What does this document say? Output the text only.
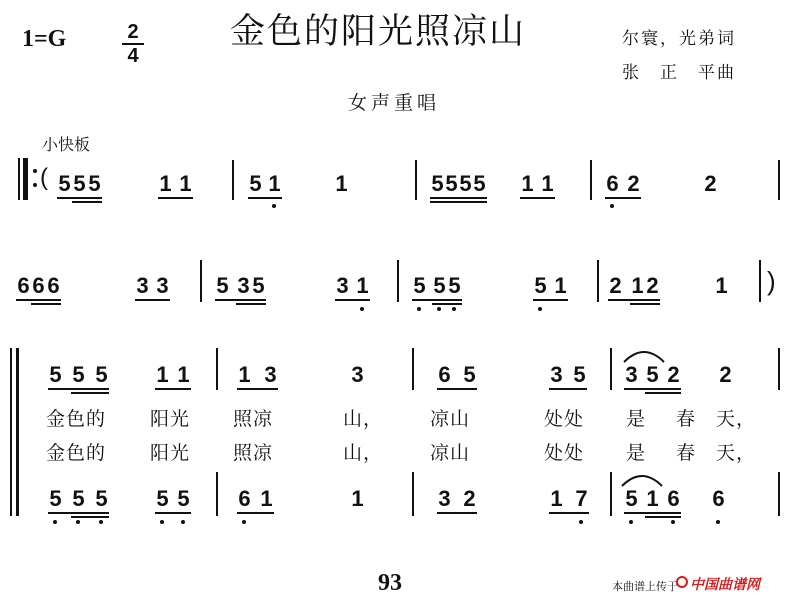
1=G	2
4
金色的阳光照凉山	尔寰，光弟词
张　正　平曲
女声重唱
小快板
( 5 5 5	1 1	5 1 1	5 5 5 5 1 1 6 2	2
6 6 6	3 3 5 3 5	3 1 5 5 5	5 1 2 1 2	1 )
5 5 5 1 1 1 3	3	6 5	3 5 3 5 2 2
金色的 阳光 照凉	山， 凉山	处处 是 春 天，
金色的 阳光 照凉	山， 凉山	处处 是 春 天，
5 5 5 5 5 6 1	1	3 2	1 7 5 1 6 6
93	本曲谱上传于 中国曲谱网
